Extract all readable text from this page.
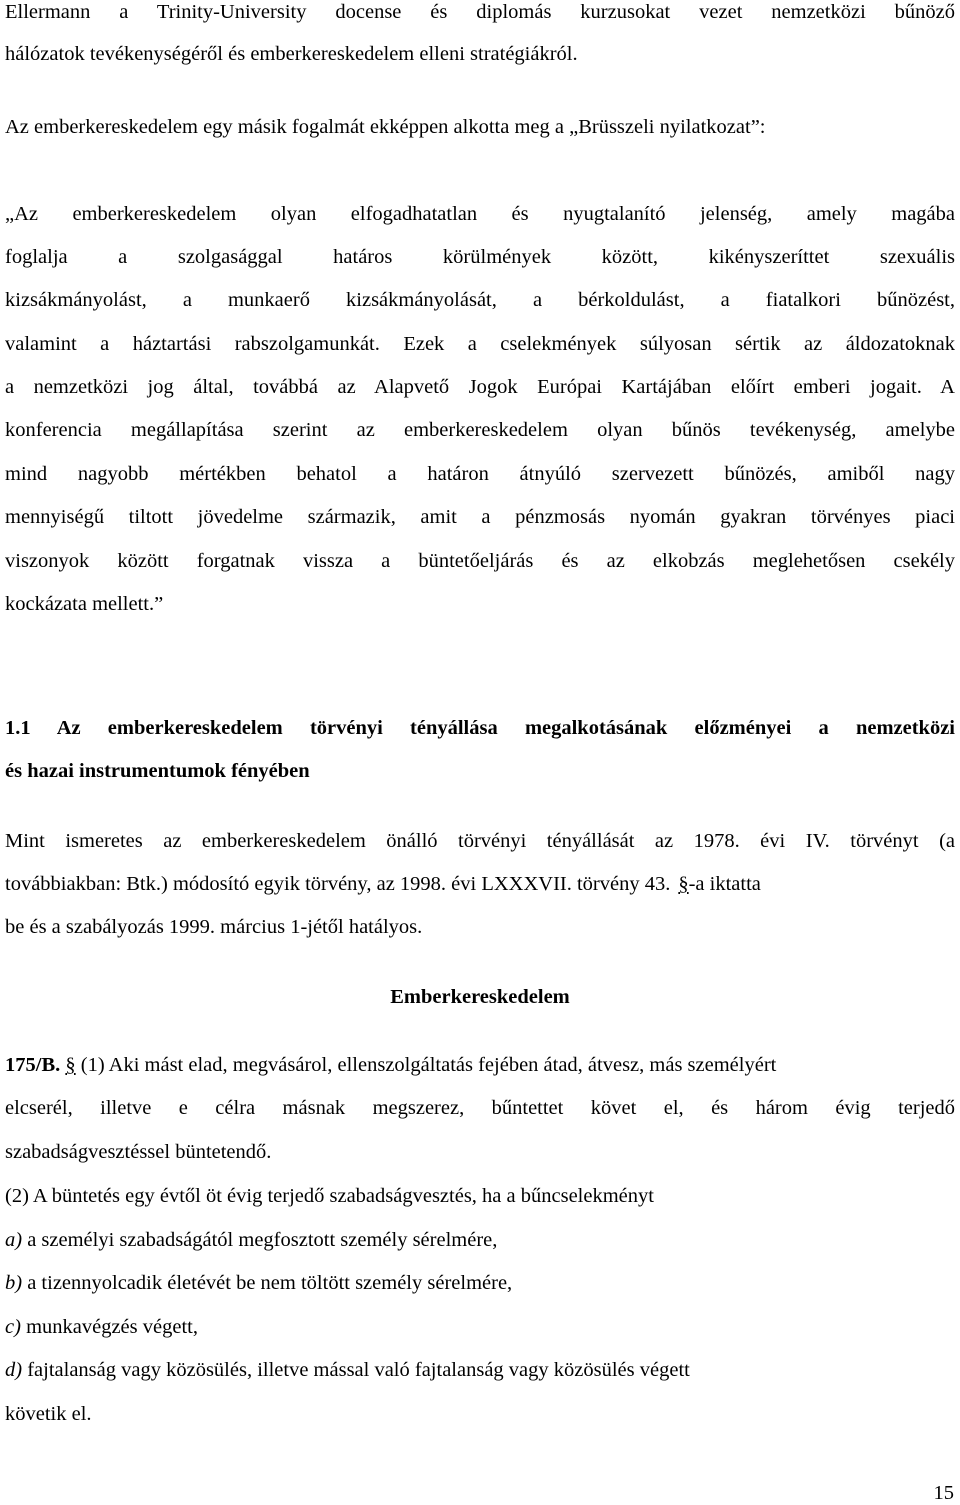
Ellermann a Trinity-University docense és diplomás kurzusokat vezet nemzetközi bűnöző
hálózatok tevékenységéről és emberkereskedelem elleni stratégiákról.
Az emberkereskedelem egy másik fogalmát ekképpen alkotta meg a „Brüsszeli nyilatkozat”:
„Az emberkereskedelem olyan elfogadhatatlan és nyugtalanító jelenség, amely magába
foglalja a szolgasággal határos körülmények között, kikényszeríttet szexuális
kizsákmányolást, a munkaerő kizsákmányolását, a bérkoldulást, a fiatalkori bűnözést,
valamint a háztartási rabszolgamunkát. Ezek a cselekmények súlyosan sértik az áldozatoknak
a nemzetközi jog által, továbbá az Alapvető Jogok Európai Kartájában előírt emberi jogait. A
konferencia megállapítása szerint az emberkereskedelem olyan bűnös tevékenység, amelybe
mind nagyobb mértékben behatol a határon átnyúló szervezett bűnözés, amiből nagy
mennyiségű tiltott jövedelme származik, amit a pénzmosás nyomán gyakran törvényes piaci
viszonyok között forgatnak vissza a büntetőeljárás és az elkobzás meglehetősen csekély
kockázata mellett.”
1.1 Az emberkereskedelem törvényi tényállása megalkotásának előzményei a nemzetközi
és hazai instrumentumok fényében
Mint ismeretes az emberkereskedelem önálló törvényi tényállását az 1978. évi IV. törvényt (a
továbbiakban: Btk.) módosító egyik törvény, az 1998. évi LXXXVII. törvény 43. §-a iktatta
be és a szabályozás 1999. március 1-jétől hatályos.
Emberkereskedelem
175/B. § (1) Aki mást elad, megvásárol, ellenszolgáltatás fejében átad, átvesz, más személyért
elcserél, illetve e célra másnak megszerez, bűntettet követ el, és három évig terjedő
szabadságvesztéssel büntetendő.
(2) A büntetés egy évtől öt évig terjedő szabadságvesztés, ha a bűncselekményt
a) a személyi szabadságától megfosztott személy sérelmére,
b) a tizennyolcadik életévét be nem töltött személy sérelmére,
c) munkavégzés végett,
d) fajtalanság vagy közösülés, illetve mással való fajtalanság vagy közösülés végett
követik el.
15
